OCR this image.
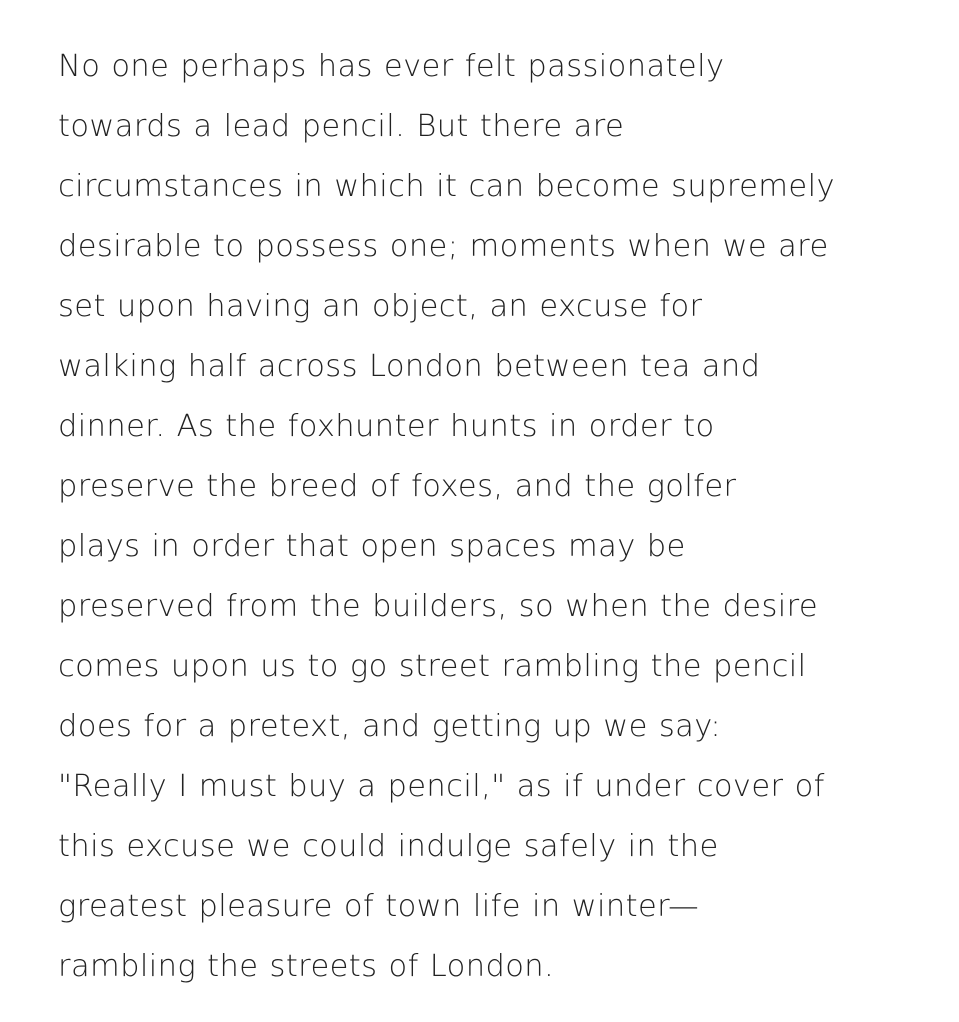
No one perhaps has ever felt passionately
towards a lead pencil. But there are
circumstances in which it can become supremely
desirable to possess one; moments when we are
set upon having an object, an excuse for
walking half across London between tea and
dinner. As the foxhunter hunts in order to
preserve the breed of foxes, and the golfer
plays in order that open spaces may be
preserved from the builders, so when the desire
comes upon us to go street rambling the pencil
does for a pretext, and getting up we say:
"Really I must buy a pencil," as if under cover of
this excuse we could indulge safely in the
greatest pleasure of town life in winter—
rambling the streets of London.
